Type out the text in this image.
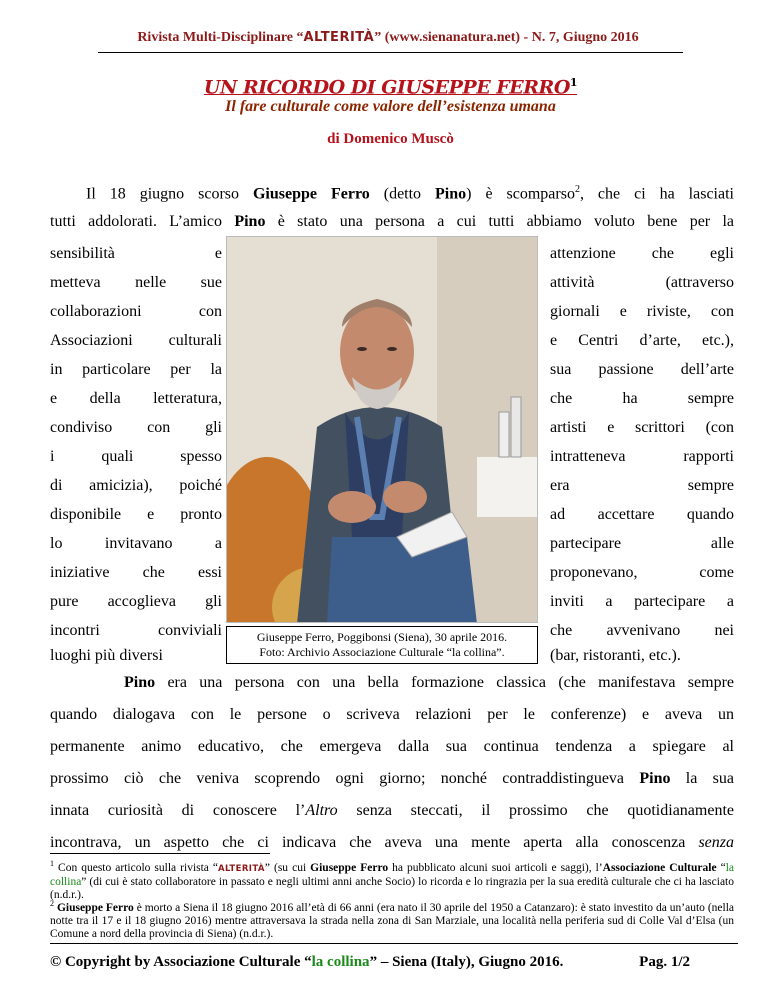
Rivista Multi-Disciplinare “ALTERITÀ” (www.sienanatura.net) - N. 7, Giugno 2016
UN RICORDO DI GIUSEPPE FERRO$^1$
Il fare culturale come valore dell’esistenza umana
di Domenico Muscò
Il 18 giugno scorso Giuseppe Ferro (detto Pino) è scomparso$^2$, che ci ha lasciati
tutti addolorati. L’amico Pino è stato una persona a cui tutti abbiamo voluto bene per la
sensibilità e
metteva nelle sue
collaborazioni con
Associazioni culturali
in particolare per la
e della letteratura,
condiviso con gli
i quali spesso
di amicizia), poiché
disponibile e pronto
lo invitavano a
iniziative che essi
pure accoglieva gli
incontri conviviali
luoghi più diversi
attenzione che egli
attività (attraverso
giornali e riviste, con
e Centri d’arte, etc.),
sua passione dell’arte
che ha sempre
artisti e scrittori (con
intratteneva rapporti
era sempre
ad accettare quando
partecipare alle
proponevano, come
inviti a partecipare a
che avvenivano nei
(bar, ristoranti, etc.).
Giuseppe Ferro, Poggibonsi (Siena), 30 aprile 2016.
Foto: Archivio Associazione Culturale “la collina”.
Pino era una persona con una bella formazione classica (che manifestava sempre
quando dialogava con le persone o scriveva relazioni per le conferenze) e aveva un
permanente animo educativo, che emergeva dalla sua continua tendenza a spiegare al
prossimo ciò che veniva scoprendo ogni giorno; nonché contraddistingueva Pino la sua
innata curiosità di conoscere l’Altro senza steccati, il prossimo che quotidianamente
incontrava, un aspetto che ci indicava che aveva una mente aperta alla conoscenza senza
$^1$ Con questo articolo sulla rivista “ALTERITÀ” (su cui Giuseppe Ferro ha pubblicato alcuni suoi articoli e saggi), l’Associazione Culturale “la collina” (di cui è stato collaboratore in passato e negli ultimi anni anche Socio) lo ricorda e lo ringrazia per la sua eredità culturale che ci ha lasciato (n.d.r.).
$^2$ Giuseppe Ferro è morto a Siena il 18 giugno 2016 all’età di 66 anni (era nato il 30 aprile del 1950 a Catanzaro): è stato investito da un’auto (nella notte tra il 17 e il 18 giugno 2016) mentre attraversava la strada nella zona di San Marziale, una località nella periferia sud di Colle Val d’Elsa (un Comune a nord della provincia di Siena) (n.d.r.).
© Copyright by Associazione Culturale “la collina” – Siena (Italy), Giugno 2016.	Pag. 1/2
